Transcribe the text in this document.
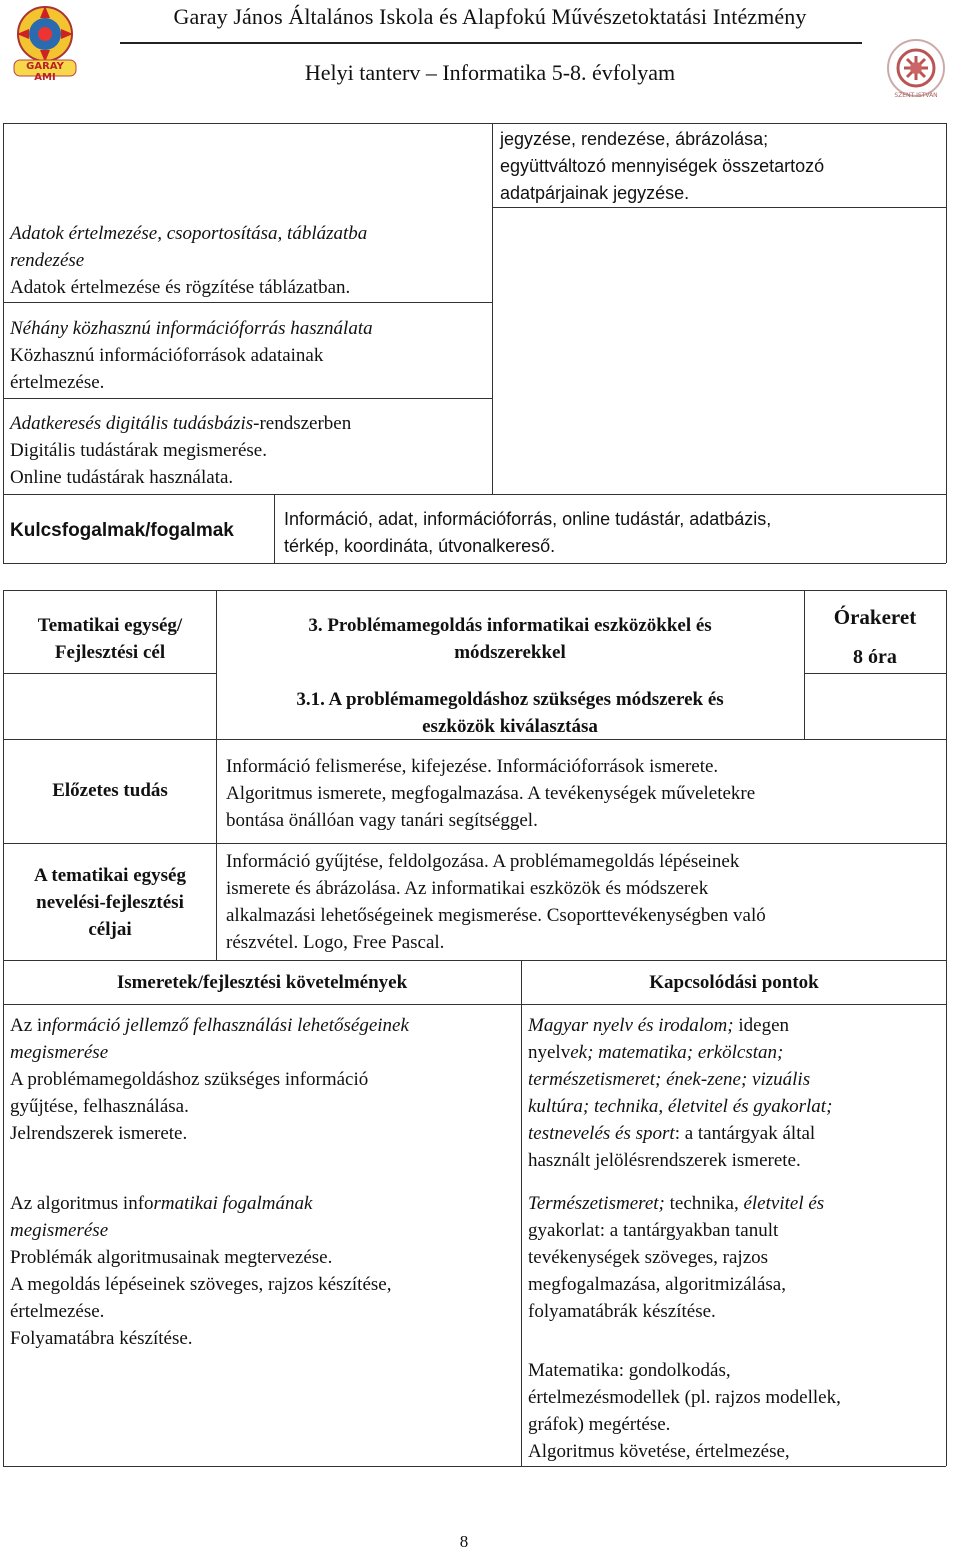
GARAY AMI
Garay János Általános Iskola és Alapfokú Művészetoktatási Intézmény
Helyi tanterv – Informatika 5-8. évfolyam
SZENT ISTVÁN
jegyzése, rendezése, ábrázolása;
együttváltozó mennyiségek összetartozó
adatpárjainak jegyzése.
Adatok értelmezése, csoportosítása, táblázatba
rendezése
Adatok értelmezése és rögzítése táblázatban.
Néhány közhasznú információforrás használata
Közhasznú információforrások adatainak
értelmezése.
Adatkeresés digitális tudásbázis-rendszerben
Digitális tudástárak megismerése.
Online tudástárak használata.
Kulcsfogalmak/fogalmak
Információ, adat, információforrás, online tudástár, adatbázis,
térkép, koordináta, útvonalkereső.
Tematikai egység/
Fejlesztési cél
3. Problémamegoldás informatikai eszközökkel és
módszerekkel
Órakeret
8 óra
3.1. A problémamegoldáshoz szükséges módszerek és
eszközök kiválasztása
Előzetes tudás
Információ felismerése, kifejezése. Információforrások ismerete.
Algoritmus ismerete, megfogalmazása. A tevékenységek műveletekre
bontása önállóan vagy tanári segítséggel.
A tematikai egység
nevelési-fejlesztési
céljai
Információ gyűjtése, feldolgozása. A problémamegoldás lépéseinek
ismerete és ábrázolása. Az informatikai eszközök és módszerek
alkalmazási lehetőségeinek megismerése. Csoporttevékenységben való
részvétel. Logo, Free Pascal.
Ismeretek/fejlesztési követelmények	Kapcsolódási pontok
Az információ jellemző felhasználási lehetőségeinek
megismerése
A problémamegoldáshoz szükséges információ
gyűjtése, felhasználása.
Jelrendszerek ismerete.
Az algoritmus informatikai fogalmának
megismerése
Problémák algoritmusainak megtervezése.
A megoldás lépéseinek szöveges, rajzos készítése,
értelmezése.
Folyamatábra készítése.
Magyar nyelv és irodalom; idegen
nyelvek; matematika; erkölcstan;
természetismeret; ének-zene; vizuális
kultúra; technika, életvitel és gyakorlat;
testnevelés és sport: a tantárgyak által
használt jelölésrendszerek ismerete.
Természetismeret; technika, életvitel és
gyakorlat: a tantárgyakban tanult
tevékenységek szöveges, rajzos
megfogalmazása, algoritmizálása,
folyamatábrák készítése.
Matematika: gondolkodás,
értelmezésmodellek (pl. rajzos modellek,
gráfok) megértése.
Algoritmus követése, értelmezése,
8
